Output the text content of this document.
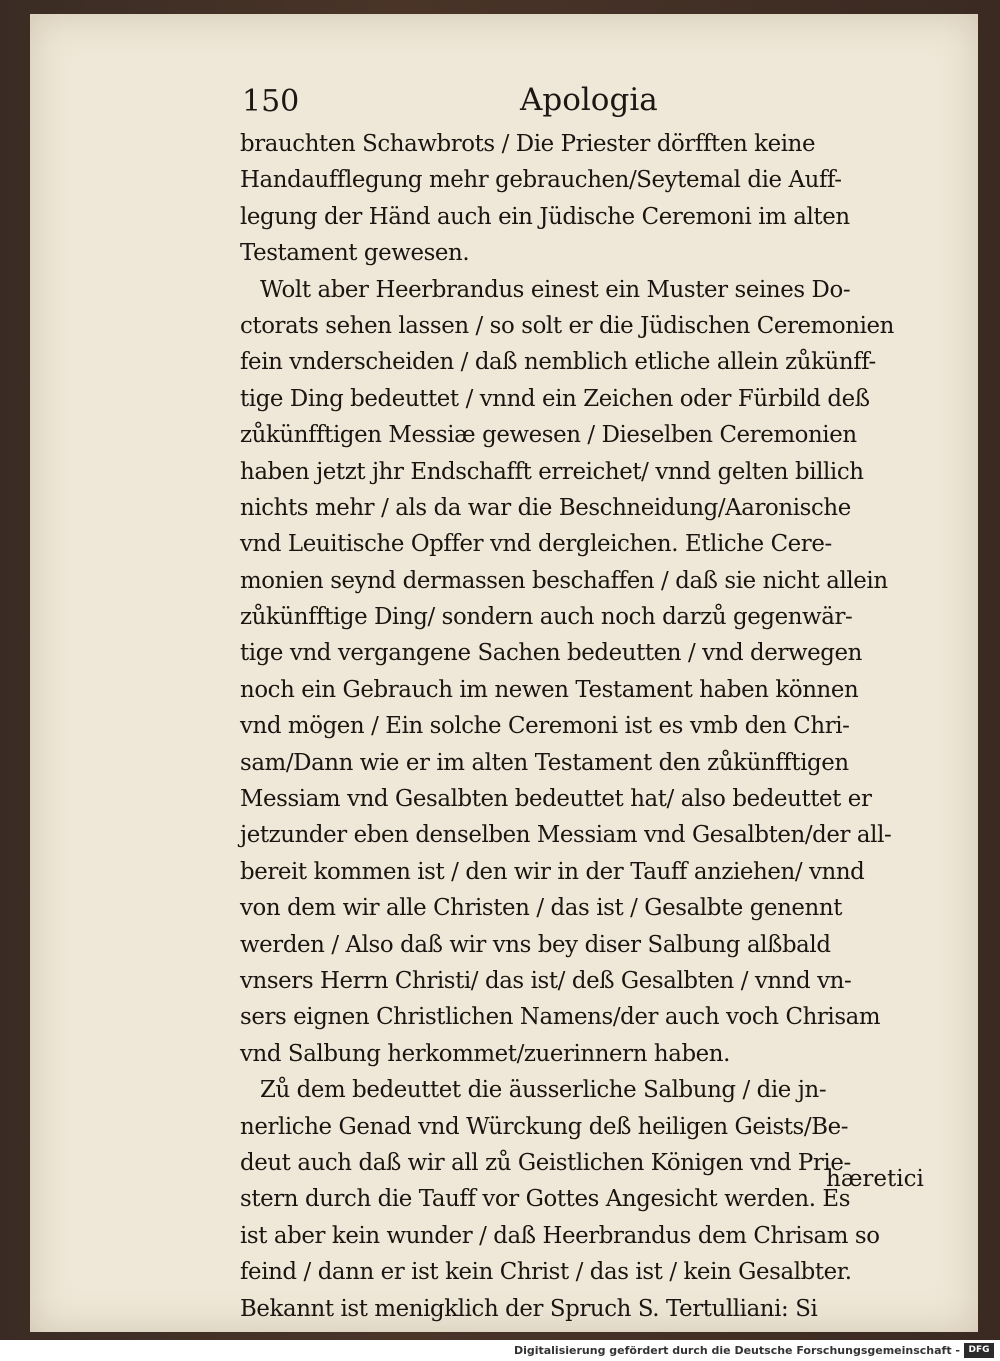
150	Apologia
brauchten Schawbrots / Die Priester dörfften keine
Handaufflegung mehr gebrauchen/Seytemal die Auff-
legung der Händ auch ein Jüdische Ceremoni im alten
Testament gewesen.
Wolt aber Heerbrandus einest ein Muster seines Do-
ctorats sehen lassen / so solt er die Jüdischen Ceremonien
fein vnderscheiden / daß nemblich etliche allein zůkünff-
tige Ding bedeuttet / vnnd ein Zeichen oder Fürbild deß
zůkünfftigen Messiæ gewesen / Dieselben Ceremonien
haben jetzt jhr Endschafft erreichet/ vnnd gelten billich
nichts mehr / als da war die Beschneidung/Aaronische
vnd Leuitische Opffer vnd dergleichen. Etliche Cere-
monien seynd dermassen beschaffen / daß sie nicht allein
zůkünfftige Ding/ sondern auch noch darzů gegenwär-
tige vnd vergangene Sachen bedeutten / vnd derwegen
noch ein Gebrauch im newen Testament haben können
vnd mögen / Ein solche Ceremoni ist es vmb den Chri-
sam/Dann wie er im alten Testament den zůkünfftigen
Messiam vnd Gesalbten bedeuttet hat/ also bedeuttet er
jetzunder eben denselben Messiam vnd Gesalbten/der all-
bereit kommen ist / den wir in der Tauff anziehen/ vnnd
von dem wir alle Christen / das ist / Gesalbte genennt
werden / Also daß wir vns bey diser Salbung alßbald
vnsers Herrn Christi/ das ist/ deß Gesalbten / vnnd vn-
sers eignen Christlichen Namens/der auch voch Chrisam
vnd Salbung herkommet/zuerinnern haben.
Zů dem bedeuttet die äusserliche Salbung / die jn-
nerliche Genad vnd Würckung deß heiligen Geists/Be-
deut auch daß wir all zů Geistlichen Königen vnd Prie-
stern durch die Tauff vor Gottes Angesicht werden. Es
ist aber kein wunder / daß Heerbrandus dem Chrisam so
feind / dann er ist kein Christ / das ist / kein Gesalbter.
Bekannt ist menigklich der Spruch S. Tertulliani: Si
hæretici
Digitalisierung gefördert durch die Deutsche Forschungsgemeinschaft - DFG
